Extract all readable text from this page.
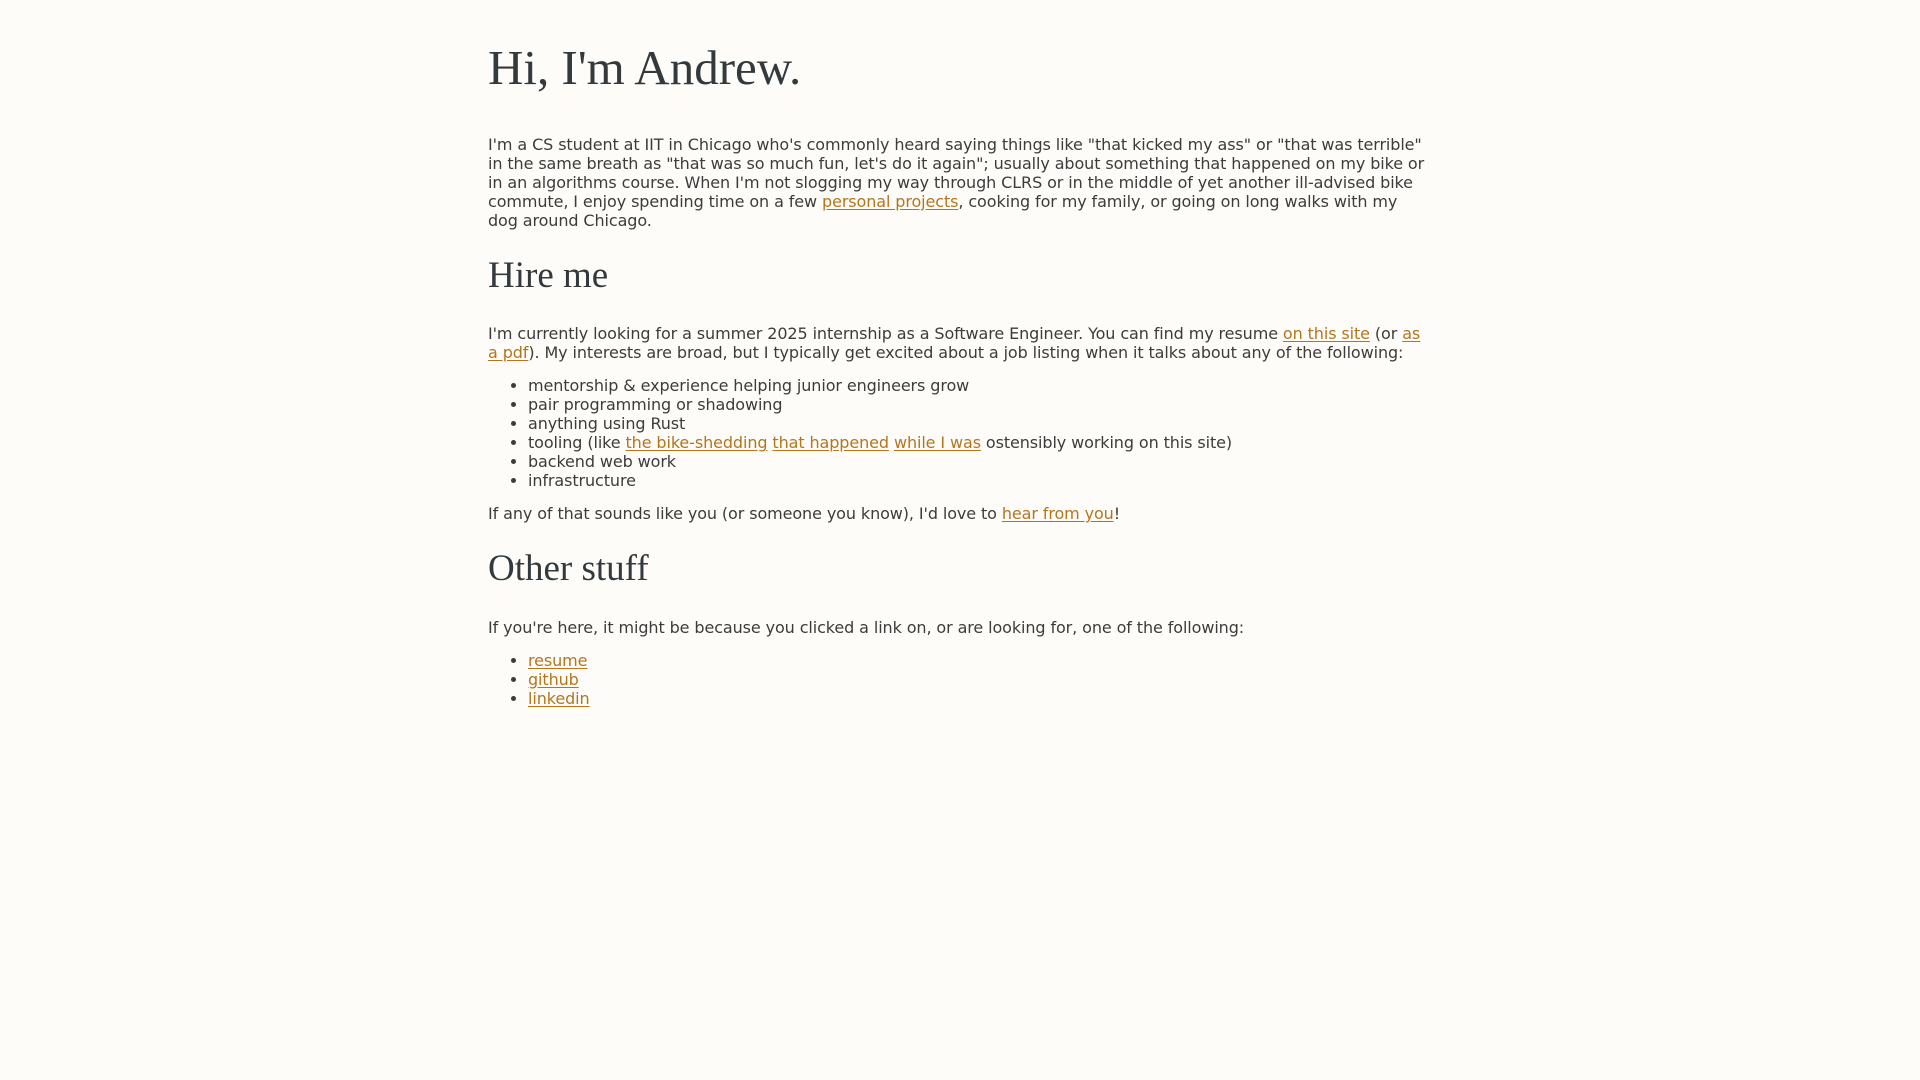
Hi, I'm Andrew.

I'm a CS student at IIT in Chicago who's commonly heard saying things like "that kicked my ass" or "that was terrible" in the same breath as "that was so much fun, let's do it again"; usually about something that happened on my bike or in an algorithms course. When I'm not slogging my way through CLRS or in the middle of yet another ill-advised bike commute, I enjoy spending time on a few personal projects, cooking for my family, or going on long walks with my dog around Chicago.

Hire me

I'm currently looking for a summer 2025 internship as a Software Engineer. You can find my resume on this site (or as a pdf). My interests are broad, but I typically get excited about a job listing when it talks about any of the following:

• mentorship & experience helping junior engineers grow
• pair programming or shadowing
• anything using Rust
• tooling (like the bike-shedding that happened while I was ostensibly working on this site)
• backend web work
• infrastructure

If any of that sounds like you (or someone you know), I'd love to hear from you!

Other stuff

If you're here, it might be because you clicked a link on, or are looking for, one of the following:

• resume
• github
• linkedin
